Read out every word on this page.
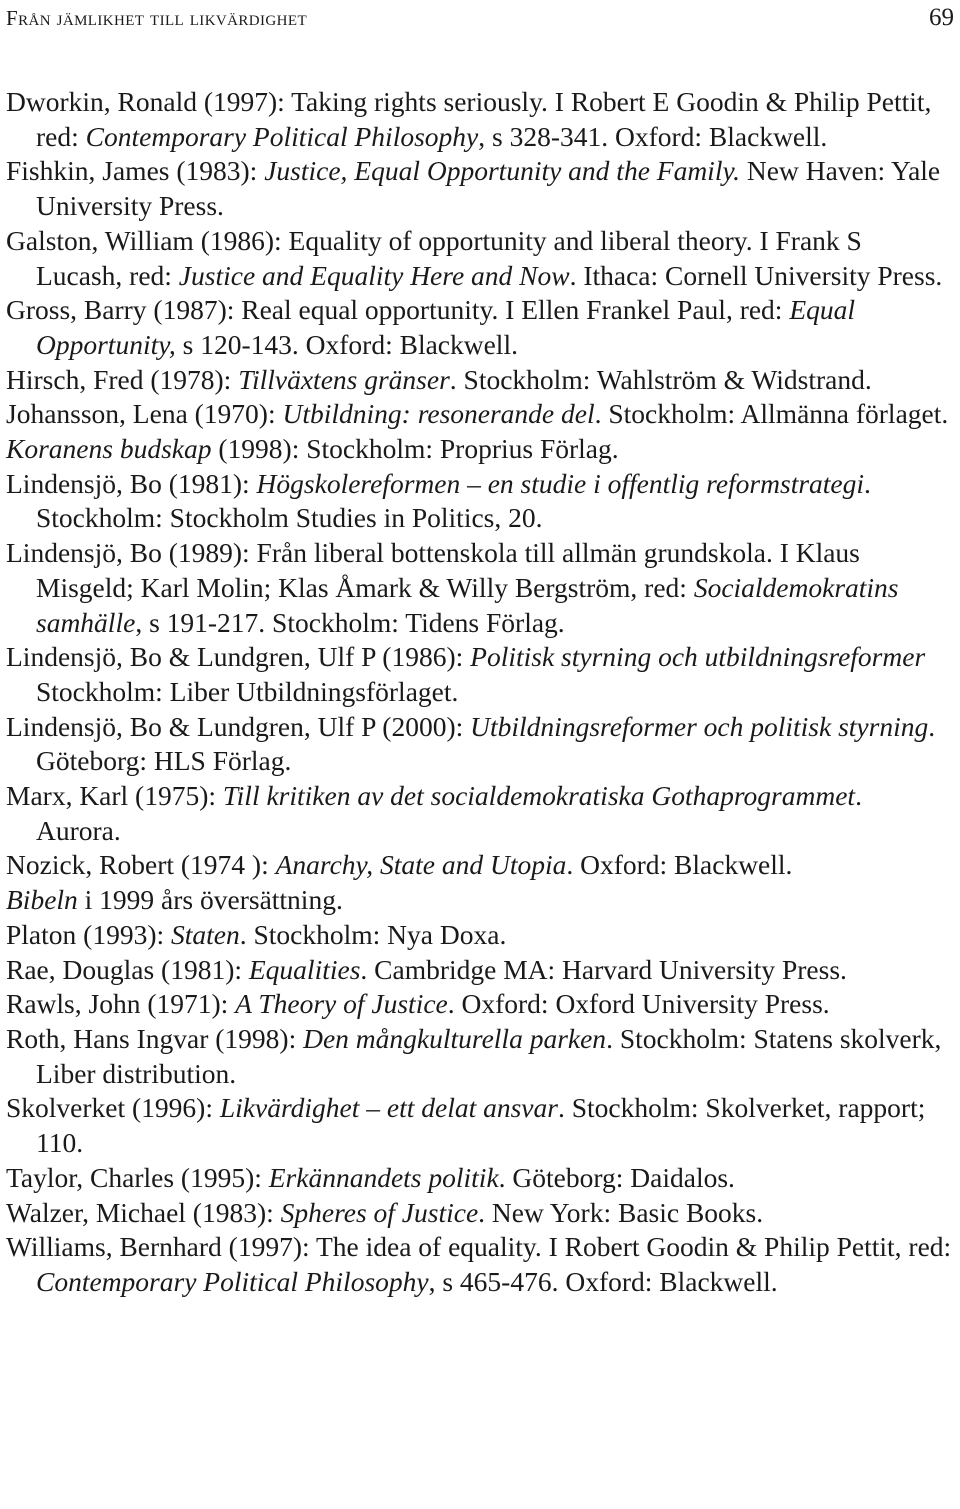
Från jämlikhet till likvärdighet	69
Dworkin, Ronald (1997): Taking rights seriously. I Robert E Goodin & Philip Pettit, red: Contemporary Political Philosophy, s 328-341. Oxford: Blackwell.
Fishkin, James (1983): Justice, Equal Opportunity and the Family. New Haven: Yale University Press.
Galston, William (1986): Equality of opportunity and liberal theory. I Frank S Lucash, red: Justice and Equality Here and Now. Ithaca: Cornell University Press.
Gross, Barry (1987): Real equal opportunity. I Ellen Frankel Paul, red: Equal Opportunity, s 120-143. Oxford: Blackwell.
Hirsch, Fred (1978): Tillväxtens gränser. Stockholm: Wahlström & Widstrand.
Johansson, Lena (1970): Utbildning: resonerande del. Stockholm: Allmänna förlaget.
Koranens budskap (1998): Stockholm: Proprius Förlag.
Lindensjö, Bo (1981): Högskolereformen – en studie i offentlig reformstrategi. Stockholm: Stockholm Studies in Politics, 20.
Lindensjö, Bo (1989): Från liberal bottenskola till allmän grundskola. I Klaus Misgeld; Karl Molin; Klas Åmark & Willy Bergström, red: Socialdemokratins samhälle, s 191-217. Stockholm: Tidens Förlag.
Lindensjö, Bo & Lundgren, Ulf P (1986): Politisk styrning och utbildningsreformer Stockholm: Liber Utbildningsförlaget.
Lindensjö, Bo & Lundgren, Ulf P (2000): Utbildningsreformer och politisk styrning. Göteborg: HLS Förlag.
Marx, Karl (1975): Till kritiken av det socialdemokratiska Gothaprogrammet. Aurora.
Nozick, Robert (1974 ): Anarchy, State and Utopia. Oxford: Blackwell.
Bibeln i 1999 års översättning.
Platon (1993): Staten. Stockholm: Nya Doxa.
Rae, Douglas (1981): Equalities. Cambridge MA: Harvard University Press.
Rawls, John (1971): A Theory of Justice. Oxford: Oxford University Press.
Roth, Hans Ingvar (1998): Den mångkulturella parken. Stockholm: Statens skolverk, Liber distribution.
Skolverket (1996): Likvärdighet – ett delat ansvar. Stockholm: Skolverket, rapport; 110.
Taylor, Charles (1995): Erkännandets politik. Göteborg: Daidalos.
Walzer, Michael (1983): Spheres of Justice. New York: Basic Books.
Williams, Bernhard (1997): The idea of equality. I Robert Goodin & Philip Pettit, red: Contemporary Political Philosophy, s 465-476. Oxford: Blackwell.
